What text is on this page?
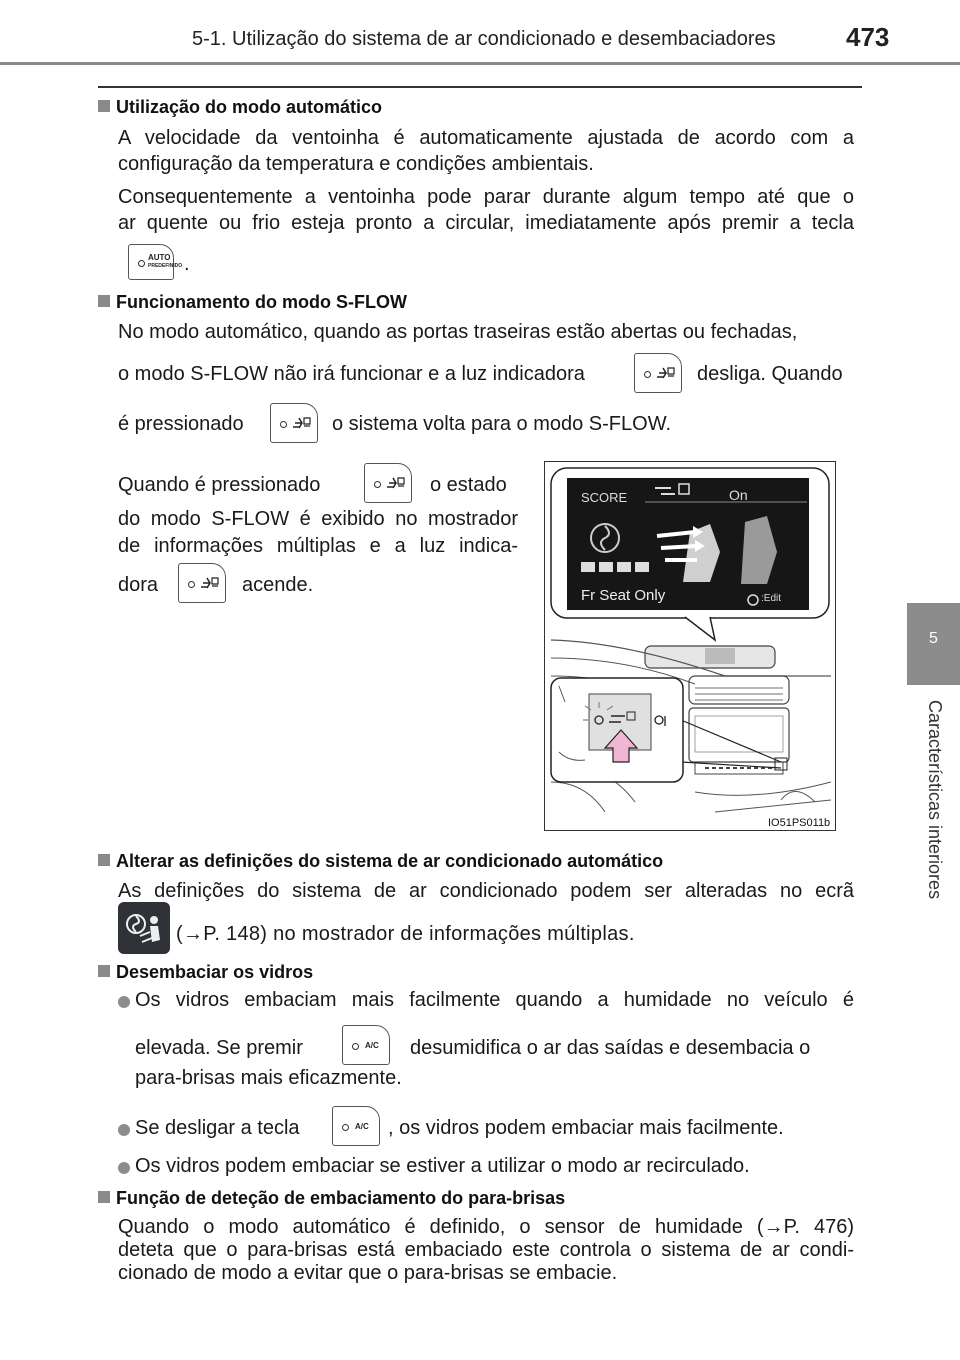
5-1. Utilização do sistema de ar condicionado e desembaciadores	473
5
Características interiores
Utilização do modo automático
A velocidade da ventoinha é automaticamente ajustada de acordo com a
configuração da temperatura e condições ambientais.
Consequentemente a ventoinha pode parar durante algum tempo até que o
ar quente ou frio esteja pronto a circular, imediatamente após premir a tecla
AUTO
PREDEFINIDO .
Funcionamento do modo S-FLOW
No modo automático, quando as portas traseiras estão abertas ou fechadas,
o modo S-FLOW não irá funcionar e a luz indicadora	desliga. Quando
é pressionado	o sistema volta para o modo S-FLOW.
Quando é pressionado	o estado
do modo S-FLOW é exibido no mostrador
de informações múltiplas e a luz indica-
dora	acende.
SCORE	On
Fr Seat Only	:Edit
IO51PS011b
Alterar as definições do sistema de ar condicionado automático
As definições do sistema de ar condicionado podem ser alteradas no ecrã
(→P. 148) no mostrador de informações múltiplas.
Desembaciar os vidros
Os vidros embaciam mais facilmente quando a humidade no veículo é
elevada. Se premir	A/C desumidifica o ar das saídas e desembacia o
para-brisas mais eficazmente.
Se desligar a tecla	A/C , os vidros podem embaciar mais facilmente.
Os vidros podem embaciar se estiver a utilizar o modo ar recirculado.
Função de deteção de embaciamento do para-brisas
Quando o modo automático é definido, o sensor de humidade (→P. 476)
deteta que o para-brisas está embaciado este controla o sistema de ar condi-
cionado de modo a evitar que o para-brisas se embacie.
